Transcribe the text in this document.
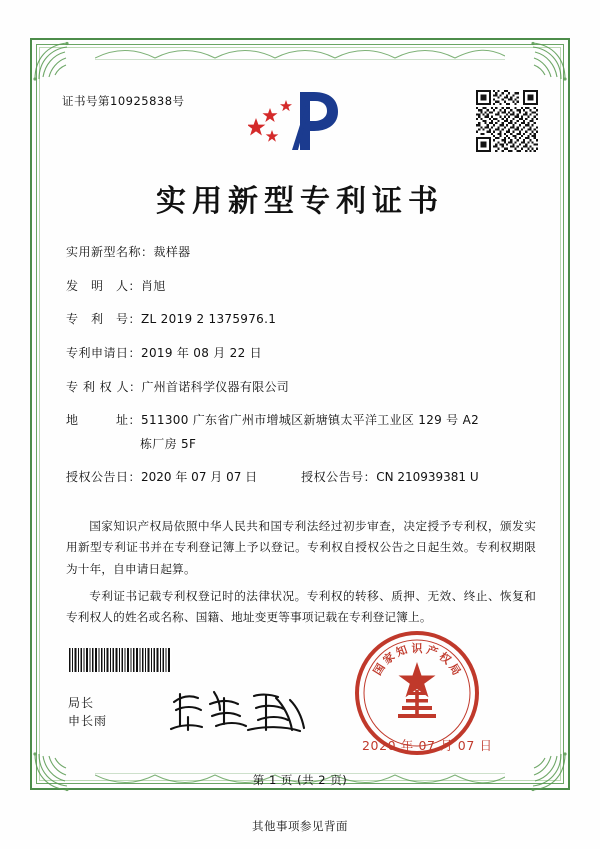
证书号第10925838号
实用新型专利证书
实用新型名称： 裁样器
发　明　人： 肖旭
专　利　号： ZL 2019 2 1375976.1
专利申请日： 2019 年 08 月 22 日
专 利 权 人： 广州首诺科学仪器有限公司
地　　　址： 511300 广东省广州市增城区新塘镇太平洋工业区 129 号 A2
栋厂房 5F
授权公告日： 2020 年 07 月 07 日	授权公告号： CN 210939381 U
国家知识产权局依照中华人民共和国专利法经过初步审查，决定授予专利权，颁发实用新型专利证书并在专利登记簿上予以登记。专利权自授权公告之日起生效。专利权期限为十年，自申请日起算。
专利证书记载专利权登记时的法律状况。专利权的转移、质押、无效、终止、恢复和专利权人的姓名或名称、国籍、地址变更等事项记载在专利登记簿上。
局长
申长雨
国
家
知 识 产
权
局
2020 年 07 月 07 日
第 1 页 (共 2 页)
其他事项参见背面
